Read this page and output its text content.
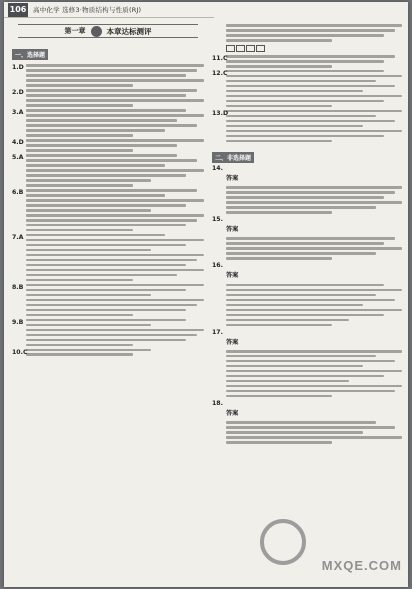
106 高中化学 选修3·物质结构与性质(RJ)
第一章	本章达标测评
一、选择题
1.D
2.D
3.A
4.D
5.A
6.B
7.A
8.B
9.B
10.C
11.C
12.C
13.D
二、非选择题
14.
答案
15.
答案
16.
答案
17.
答案
18.
答案
MXQE.COM
